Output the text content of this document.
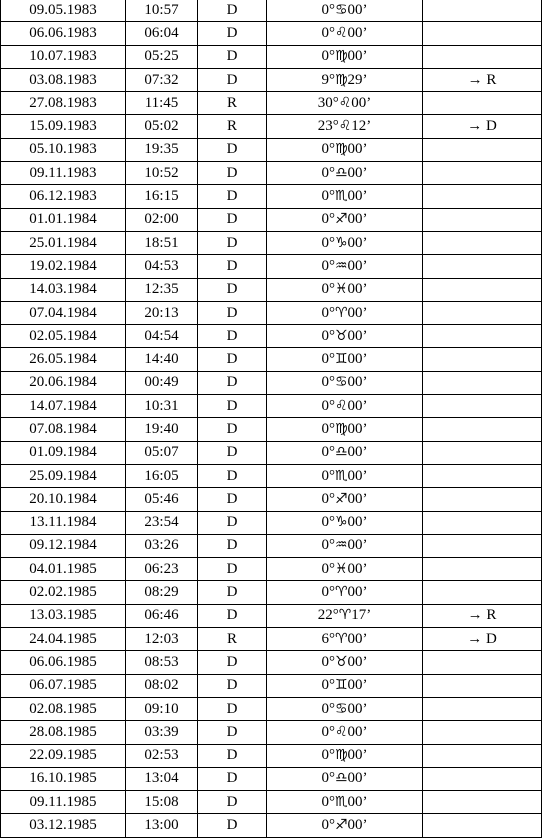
09.05.1983	10:57	D	0°♋00’	
06.06.1983	06:04	D	0°♌00’	
10.07.1983	05:25	D	0°♍00’	
03.08.1983	07:32	D	9°♍29’	→ R
27.08.1983	11:45	R	30°♌00’	
15.09.1983	05:02	R	23°♌12’	→ D
05.10.1983	19:35	D	0°♍00’	
09.11.1983	10:52	D	0°♎00’	
06.12.1983	16:15	D	0°♏00’	
01.01.1984	02:00	D	0°♐00’	
25.01.1984	18:51	D	0°♑00’	
19.02.1984	04:53	D	0°♒00’	
14.03.1984	12:35	D	0°♓00’	
07.04.1984	20:13	D	0°♈00’	
02.05.1984	04:54	D	0°♉00’	
26.05.1984	14:40	D	0°♊00’	
20.06.1984	00:49	D	0°♋00’	
14.07.1984	10:31	D	0°♌00’	
07.08.1984	19:40	D	0°♍00’	
01.09.1984	05:07	D	0°♎00’	
25.09.1984	16:05	D	0°♏00’	
20.10.1984	05:46	D	0°♐00’	
13.11.1984	23:54	D	0°♑00’	
09.12.1984	03:26	D	0°♒00’	
04.01.1985	06:23	D	0°♓00’	
02.02.1985	08:29	D	0°♈00’	
13.03.1985	06:46	D	22°♈17’	→ R
24.04.1985	12:03	R	6°♈00’	→ D
06.06.1985	08:53	D	0°♉00’	
06.07.1985	08:02	D	0°♊00’	
02.08.1985	09:10	D	0°♋00’	
28.08.1985	03:39	D	0°♌00’	
22.09.1985	02:53	D	0°♍00’	
16.10.1985	13:04	D	0°♎00’	
09.11.1985	15:08	D	0°♏00’	
03.12.1985	13:00	D	0°♐00’	
